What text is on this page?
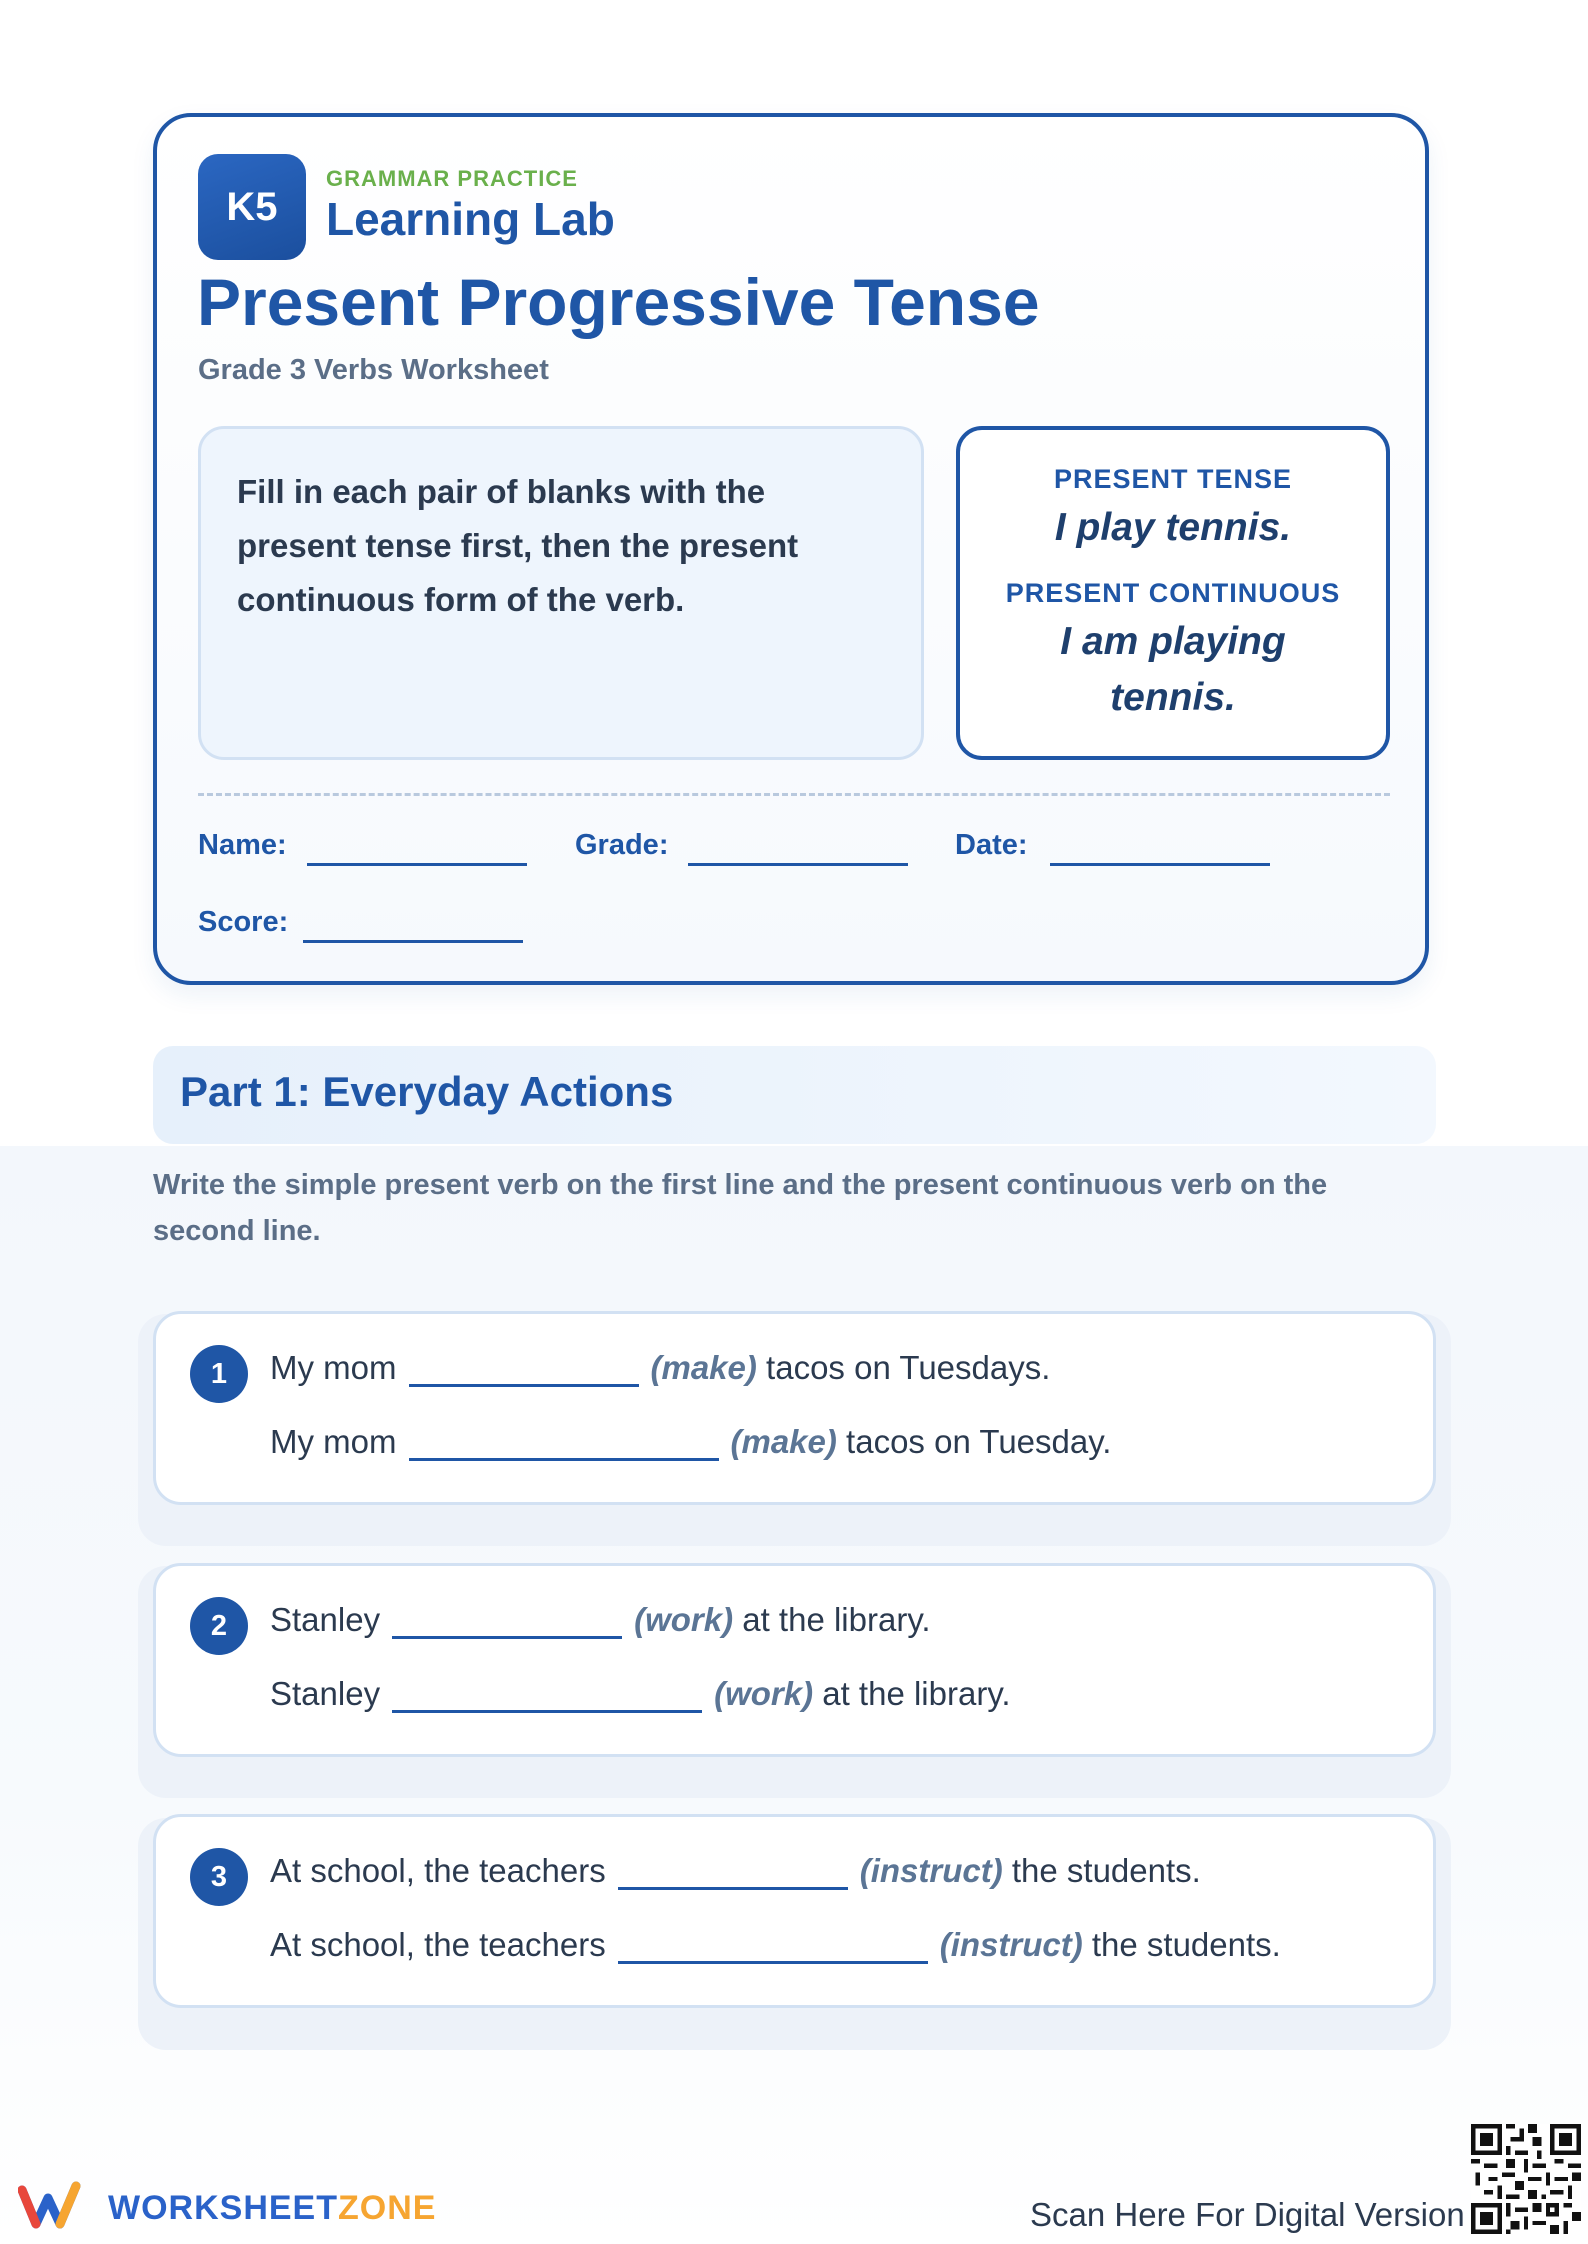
K5
GRAMMAR PRACTICE
Learning Lab
Present Progressive Tense
Grade 3 Verbs Worksheet
Fill in each pair of blanks with the present tense first, then the present continuous form of the verb.
PRESENT TENSE
I play tennis.
PRESENT CONTINUOUS
I am playing
tennis.
Name:	Grade:	Date:
Score:
Part 1: Everyday Actions
Write the simple present verb on the first line and the present continuous verb on the second line.
1	My mom	(make) tacos on Tuesdays.
My mom	(make) tacos on Tuesday.
2	Stanley	(work) at the library.
Stanley	(work) at the library.
3	At school, the teachers	(instruct) the students.
At school, the teachers	(instruct) the students.
WORKSHEETZONE	Scan Here For Digital Version
